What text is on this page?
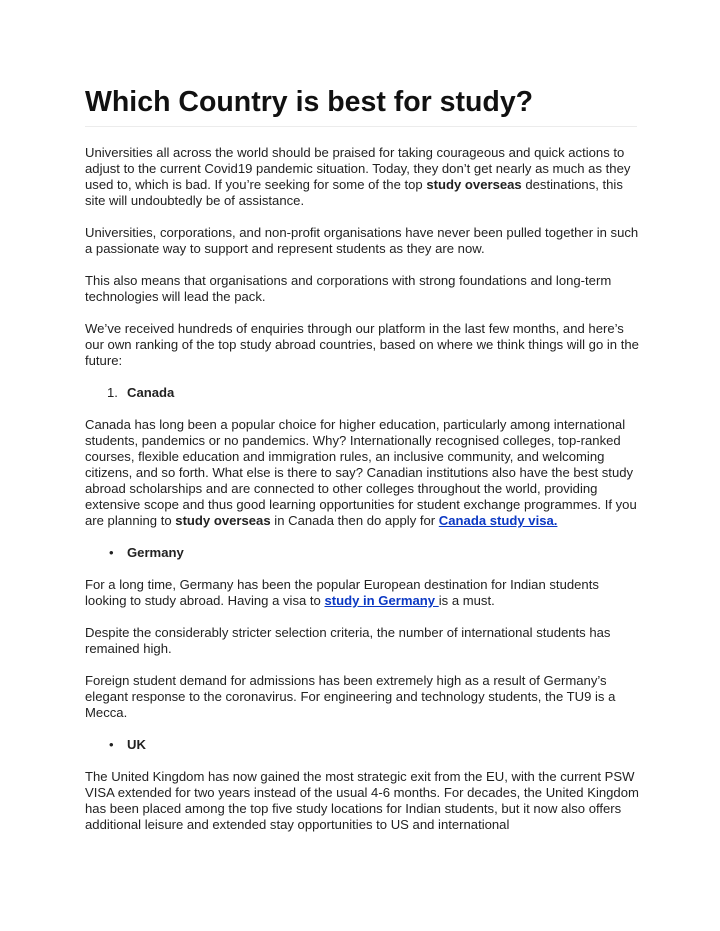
Which Country is best for study?

Universities all across the world should be praised for taking courageous and quick actions to adjust to the current Covid19 pandemic situation. Today, they don’t get nearly as much as they used to, which is bad. If you’re seeking for some of the top study overseas destinations, this site will undoubtedly be of assistance.

Universities, corporations, and non-profit organisations have never been pulled together in such a passionate way to support and represent students as they are now.

This also means that organisations and corporations with strong foundations and long-term technologies will lead the pack.

We’ve received hundreds of enquiries through our platform in the last few months, and here’s our own ranking of the top study abroad countries, based on where we think things will go in the future:

1. Canada

Canada has long been a popular choice for higher education, particularly among international students, pandemics or no pandemics. Why? Internationally recognised colleges, top-ranked courses, flexible education and immigration rules, an inclusive community, and welcoming citizens, and so forth. What else is there to say? Canadian institutions also have the best study abroad scholarships and are connected to other colleges throughout the world, providing extensive scope and thus good learning opportunities for student exchange programmes. If you are planning to study overseas in Canada then do apply for Canada study visa.

• Germany

For a long time, Germany has been the popular European destination for Indian students looking to study abroad. Having a visa to study in Germany is a must.

Despite the considerably stricter selection criteria, the number of international students has remained high.

Foreign student demand for admissions has been extremely high as a result of Germany’s elegant response to the coronavirus. For engineering and technology students, the TU9 is a Mecca.

• UK

The United Kingdom has now gained the most strategic exit from the EU, with the current PSW VISA extended for two years instead of the usual 4-6 months. For decades, the United Kingdom has been placed among the top five study locations for Indian students, but it now also offers additional leisure and extended stay opportunities to US and international
